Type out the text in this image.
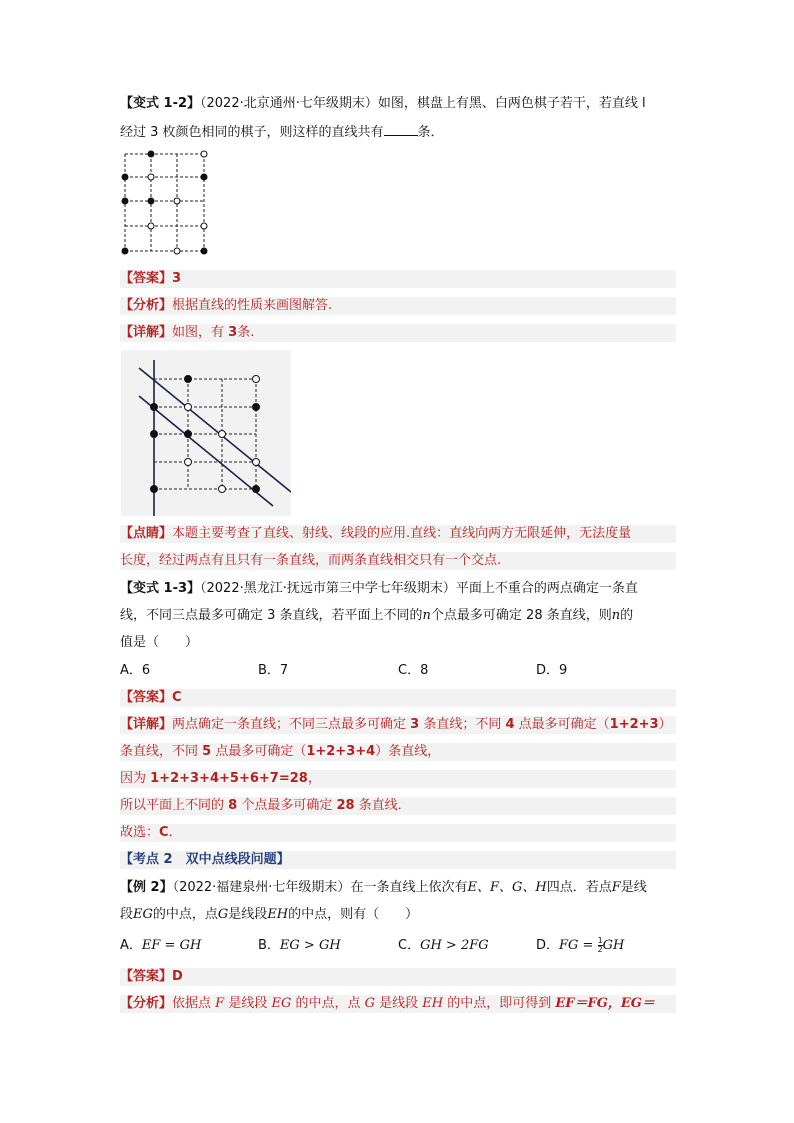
【变式 1-2】（2022·北京通州·七年级期末）如图，棋盘上有黑、白两色棋子若干，若直线 l
经过 3 枚颜色相同的棋子，则这样的直线共有	条．
【答案】3
【分析】根据直线的性质来画图解答.
【详解】如图，有 3条.
【点睛】本题主要考查了直线、射线、线段的应用.直线：直线向两方无限延伸，无法度量
长度，经过两点有且只有一条直线，而两条直线相交只有一个交点.
【变式 1-3】（2022·黑龙江·抚远市第三中学七年级期末）平面上不重合的两点确定一条直
线，不同三点最多可确定 3 条直线，若平面上不同的n个点最多可确定 28 条直线，则n的
值是（　　）
A．6	B．7	C．8	D．9
【答案】C
【详解】两点确定一条直线；不同三点最多可确定 3 条直线；不同 4 点最多可确定（1+2+3）
条直线，不同 5 点最多可确定（1+2+3+4）条直线，
因为 1+2+3+4+5+6+7=28，
所以平面上不同的 8 个点最多可确定 28 条直线．
故选：C．
【考点 2　双中点线段问题】
【例 2】（2022·福建泉州·七年级期末）在一条直线上依次有E、F、G、H四点．若点F是线
段EG的中点，点G是线段EH的中点，则有（　　）
A．EF = GH	B．EG > GH	C．GH > 2FG	D．FG = $\frac{1}{2}$ GH
【答案】D
【分析】依据点 F 是线段 EG 的中点，点 G 是线段 EH 的中点，即可得到 EF＝FG，EG＝
